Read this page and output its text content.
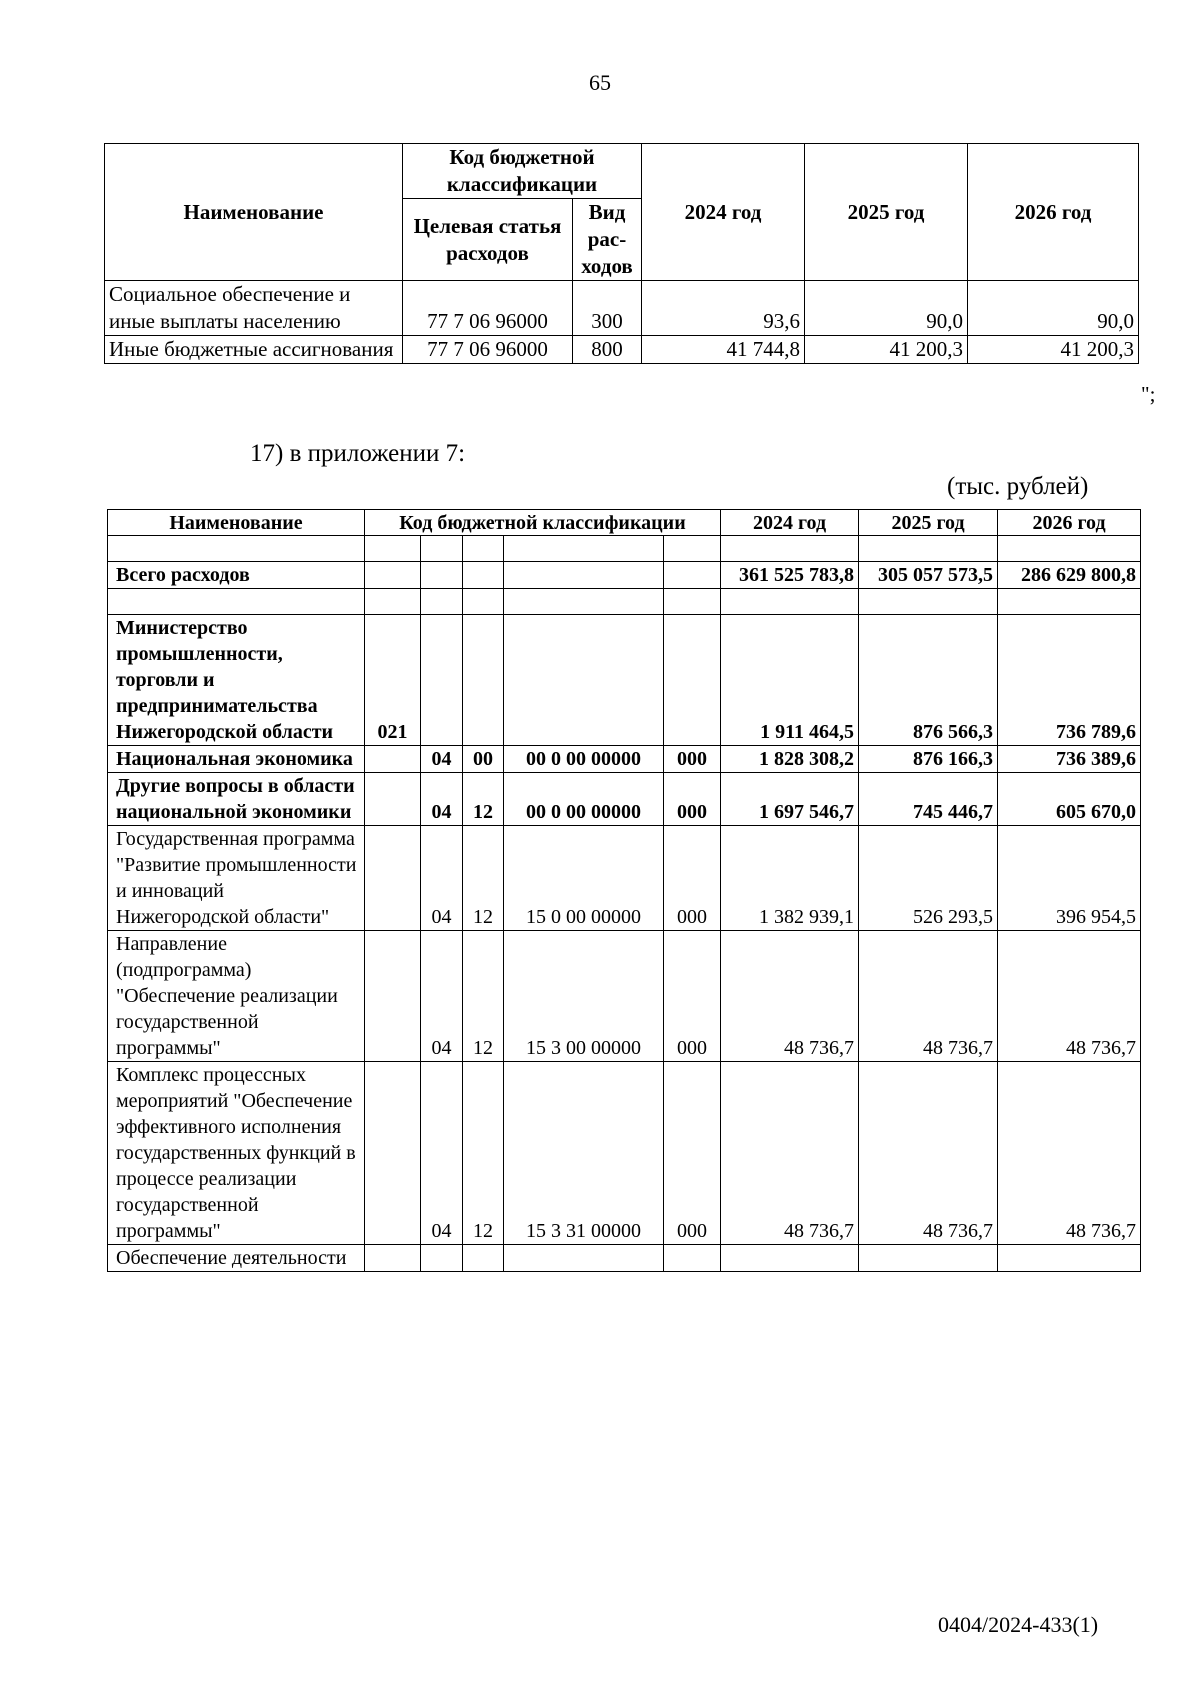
65
Наименование	Код бюджетной классификации		2024 год	2025 год	2026 год
	Целевая статья расходов	Вид рас-ходов			
Социальное обеспечение и иные выплаты населению	77 7 06 96000	300	93,6	90,0	90,0
Иные бюджетные ассигнования	77 7 06 96000	800	41 744,8	41 200,3	41 200,3
";
17) в приложении 7:
(тыс. рублей)
Наименование	Код бюджетной классификации					2024 год	2025 год	2026 год

Всего расходов						361 525 783,8	305 057 573,5	286 629 800,8

Министерство промышленности, торговли и предпринимательства Нижегородской области	021					1 911 464,5	876 566,3	736 789,6
Национальная экономика		04	00	00 0 00 00000	000	1 828 308,2	876 166,3	736 389,6
Другие вопросы в области национальной экономики		04	12	00 0 00 00000	000	1 697 546,7	745 446,7	605 670,0
Государственная программа "Развитие промышленности и инноваций Нижегородской области"		04	12	15 0 00 00000	000	1 382 939,1	526 293,5	396 954,5
Направление (подпрограмма) "Обеспечение реализации государственной программы"		04	12	15 3 00 00000	000	48 736,7	48 736,7	48 736,7
Комплекс процессных мероприятий "Обеспечение эффективного исполнения государственных функций в процессе реализации государственной программы"		04	12	15 3 31 00000	000	48 736,7	48 736,7	48 736,7
Обеспечение деятельности								
0404/2024-433(1)
